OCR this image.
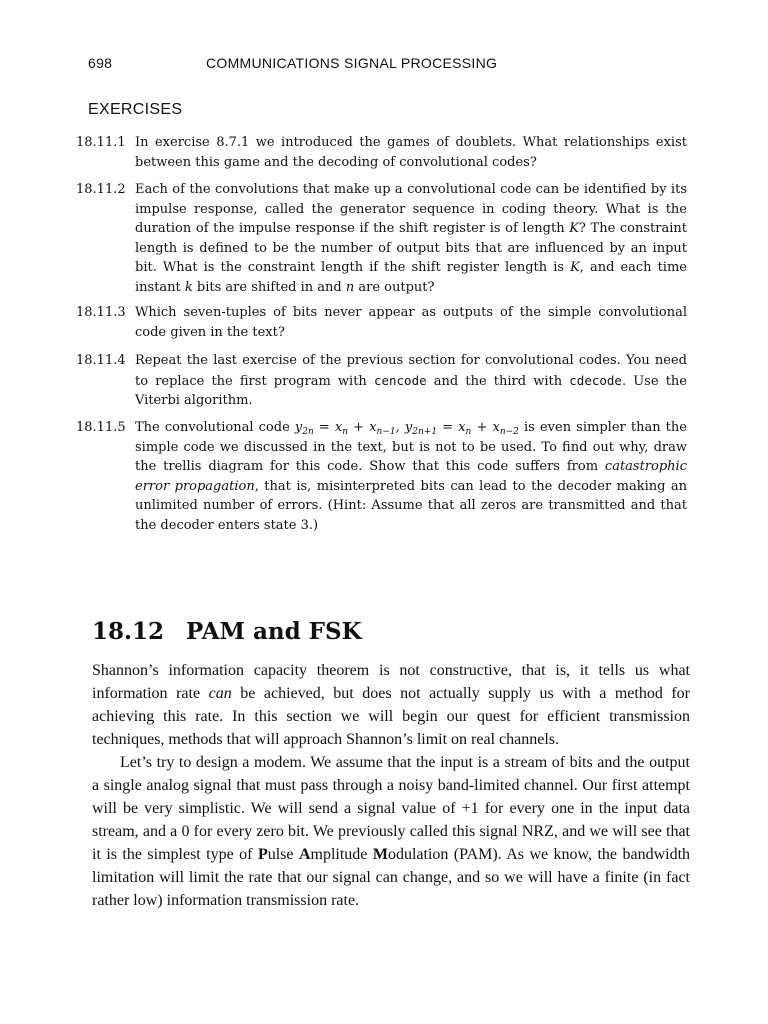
698	COMMUNICATIONS SIGNAL PROCESSING
EXERCISES
18.11.1 In exercise 8.7.1 we introduced the games of doublets. What relationships exist between this game and the decoding of convolutional codes?
18.11.2 Each of the convolutions that make up a convolutional code can be identified by its impulse response, called the generator sequence in coding theory. What is the duration of the impulse response if the shift register is of length K? The constraint length is defined to be the number of output bits that are influenced by an input bit. What is the constraint length if the shift register length is K, and each time instant k bits are shifted in and n are output?
18.11.3 Which seven-tuples of bits never appear as outputs of the simple convolutional code given in the text?
18.11.4 Repeat the last exercise of the previous section for convolutional codes. You need to replace the first program with cencode and the third with cdecode. Use the Viterbi algorithm.
18.11.5 The convolutional code $y_{2n} = x_n + x_{n-1}$, $y_{2n+1} = x_n + x_{n-2}$ is even simpler than the simple code we discussed in the text, but is not to be used. To find out why, draw the trellis diagram for this code. Show that this code suffers from catastrophic error propagation, that is, misinterpreted bits can lead to the decoder making an unlimited number of errors. (Hint: Assume that all zeros are transmitted and that the decoder enters state 3.)
18.12 PAM and FSK

Shannon’s information capacity theorem is not constructive, that is, it tells us what information rate can be achieved, but does not actually supply us with a method for achieving this rate. In this section we will begin our quest for efficient transmission techniques, methods that will approach Shannon’s limit on real channels.

Let’s try to design a modem. We assume that the input is a stream of bits and the output a single analog signal that must pass through a noisy band-limited channel. Our first attempt will be very simplistic. We will send a signal value of +1 for every one in the input data stream, and a 0 for every zero bit. We previously called this signal NRZ, and we will see that it is the simplest type of Pulse Amplitude Modulation (PAM). As we know, the bandwidth limitation will limit the rate that our signal can change, and so we will have a finite (in fact rather low) information transmission rate.
